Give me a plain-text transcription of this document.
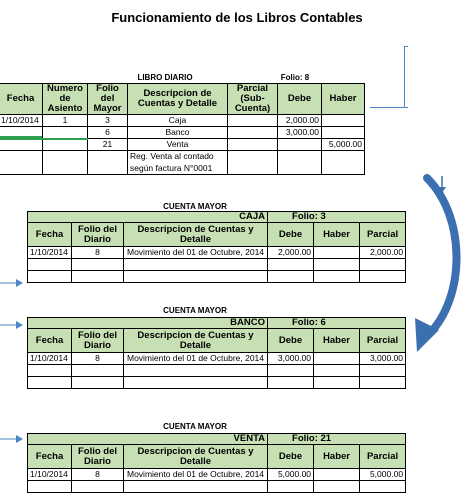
Funcionamiento de los Libros Contables
LIBRO DIARIO	Folio: 8
Fecha	Numero de Asiento	Folio del Mayor	Descripcion de Cuentas y Detalle	Parcial (Sub-Cuenta)	Debe	Haber
1/10/2014	1	3	Caja		2,000.00	
		6	Banco		3,000.00	
		21	Venta			5,000.00
			Reg. Venta al contado			
			según factura N°0001			
CUENTA MAYOR
CAJA			Folio: 3		
Fecha	Folio del Diario	Descripcion de Cuentas y Detalle	Debe	Haber	Parcial
1/10/2014	8	Movimiento del 01 de Octubre, 2014	2,000.00		2,000.00

CUENTA MAYOR
BANCO			Folio: 6		
Fecha	Folio del Diario	Descripcion de Cuentas y Detalle	Debe	Haber	Parcial
1/10/2014	8	Movimiento del 01 de Octubre, 2014	3,000.00		3,000.00

CUENTA MAYOR
VENTA			Folio: 21		
Fecha	Folio del Diario	Descripcion de Cuentas y Detalle	Debe	Haber	Parcial
1/10/2014	8	Movimiento del 01 de Octubre, 2014	5,000.00		5,000.00
